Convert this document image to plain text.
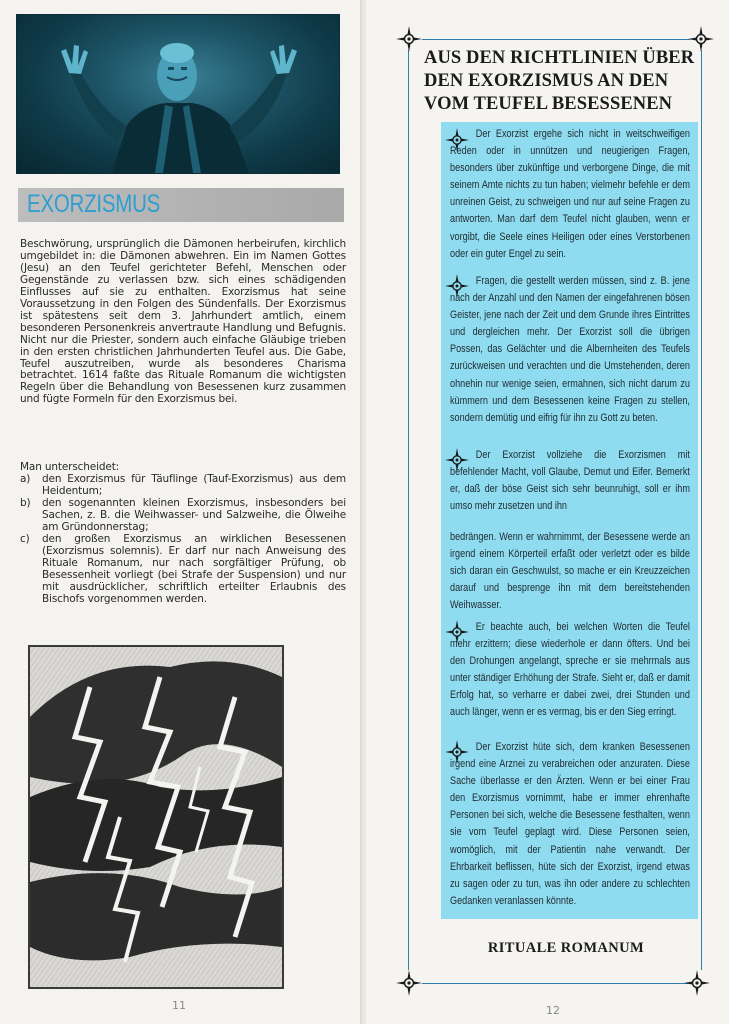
EXORZISMUS
Beschwörung, ursprünglich die Dämonen herbeirufen, kirchlich umgebildet in: die Dämonen abwehren. Ein im Namen Gottes (Jesu) an den Teufel gerichteter Befehl, Menschen oder Gegenstände zu verlassen bzw. sich eines schädigenden Einflusses auf sie zu enthalten. Exorzismus hat seine Voraussetzung in den Folgen des Sündenfalls. Der Exorzismus ist spätestens seit dem 3. Jahrhundert amtlich, einem besonderen Personenkreis anvertraute Handlung und Befugnis. Nicht nur die Priester, sondern auch einfache Gläubige trieben in den ersten christlichen Jahrhunderten Teufel aus. Die Gabe, Teufel auszutreiben, wurde als besonderes Charisma betrachtet. 1614 faßte das Rituale Romanum die wichtigsten Regeln über die Behandlung von Besessenen kurz zusammen und fügte Formeln für den Exorzismus bei.
Man unterscheidet:
a) den Exorzismus für Täuflinge (Tauf-Exorzismus) aus dem Heidentum;
b) den sogenannten kleinen Exorzismus, insbesonders bei Sachen, z. B. die Weihwasser- und Salzweihe, die Ölweihe am Gründonnerstag;
c) den großen Exorzismus an wirklichen Besessenen (Exorzismus solemnis). Er darf nur nach Anweisung des Rituale Romanum, nur nach sorgfältiger Prüfung, ob Besessenheit vorliegt (bei Strafe der Suspension) und nur mit ausdrücklicher, schriftlich erteilter Erlaubnis des Bischofs vorgenommen werden.
11
AUS DEN RICHTLINIEN ÜBER DEN EXORZISMUS AN DEN VOM TEUFEL BESESSENEN
Der Exorzist ergehe sich nicht in weitschweifigen Reden oder in unnützen und neugierigen Fragen, besonders über zukünftige und verborgene Dinge, die mit seinem Amte nichts zu tun haben; vielmehr befehle er dem unreinen Geist, zu schweigen und nur auf seine Fragen zu antworten. Man darf dem Teufel nicht glauben, wenn er vorgibt, die Seele eines Heiligen oder eines Verstorbenen oder ein guter Engel zu sein.
Fragen, die gestellt werden müssen, sind z. B. jene nach der Anzahl und den Namen der eingefahrenen bösen Geister, jene nach der Zeit und dem Grunde ihres Eintrittes und dergleichen mehr. Der Exorzist soll die übrigen Possen, das Gelächter und die Albernheiten des Teufels zurückweisen und verachten und die Umstehenden, deren ohnehin nur wenige seien, ermahnen, sich nicht darum zu kümmern und dem Besessenen keine Fragen zu stellen, sondern demütig und eifrig für ihn zu Gott zu beten.
Der Exorzist vollziehe die Exorzismen mit befehlender Macht, voll Glaube, Demut und Eifer. Bemerkt er, daß der böse Geist sich sehr beunruhigt, soll er ihm umso mehr zusetzen und ihn
bedrängen. Wenn er wahrnimmt, der Besessene werde an irgend einem Körperteil erfaßt oder verletzt oder es bilde sich daran ein Geschwulst, so mache er ein Kreuzzeichen darauf und besprenge ihn mit dem bereitstehenden Weihwasser.
Er beachte auch, bei welchen Worten die Teufel mehr erzittern; diese wiederhole er dann öfters. Und bei den Drohungen angelangt, spreche er sie mehrmals aus unter ständiger Erhöhung der Strafe. Sieht er, daß er damit Erfolg hat, so verharre er dabei zwei, drei Stunden und auch länger, wenn er es vermag, bis er den Sieg erringt.
Der Exorzist hüte sich, dem kranken Besessenen irgend eine Arznei zu verabreichen oder anzuraten. Diese Sache überlasse er den Ärzten. Wenn er bei einer Frau den Exorzismus vornimmt, habe er immer ehrenhafte Personen bei sich, welche die Besessene festhalten, wenn sie vom Teufel geplagt wird. Diese Personen seien, womöglich, mit der Patientin nahe verwandt. Der Ehrbarkeit beflissen, hüte sich der Exorzist, irgend etwas zu sagen oder zu tun, was ihn oder andere zu schlechten Gedanken veranlassen könnte.
RITUALE ROMANUM
12
